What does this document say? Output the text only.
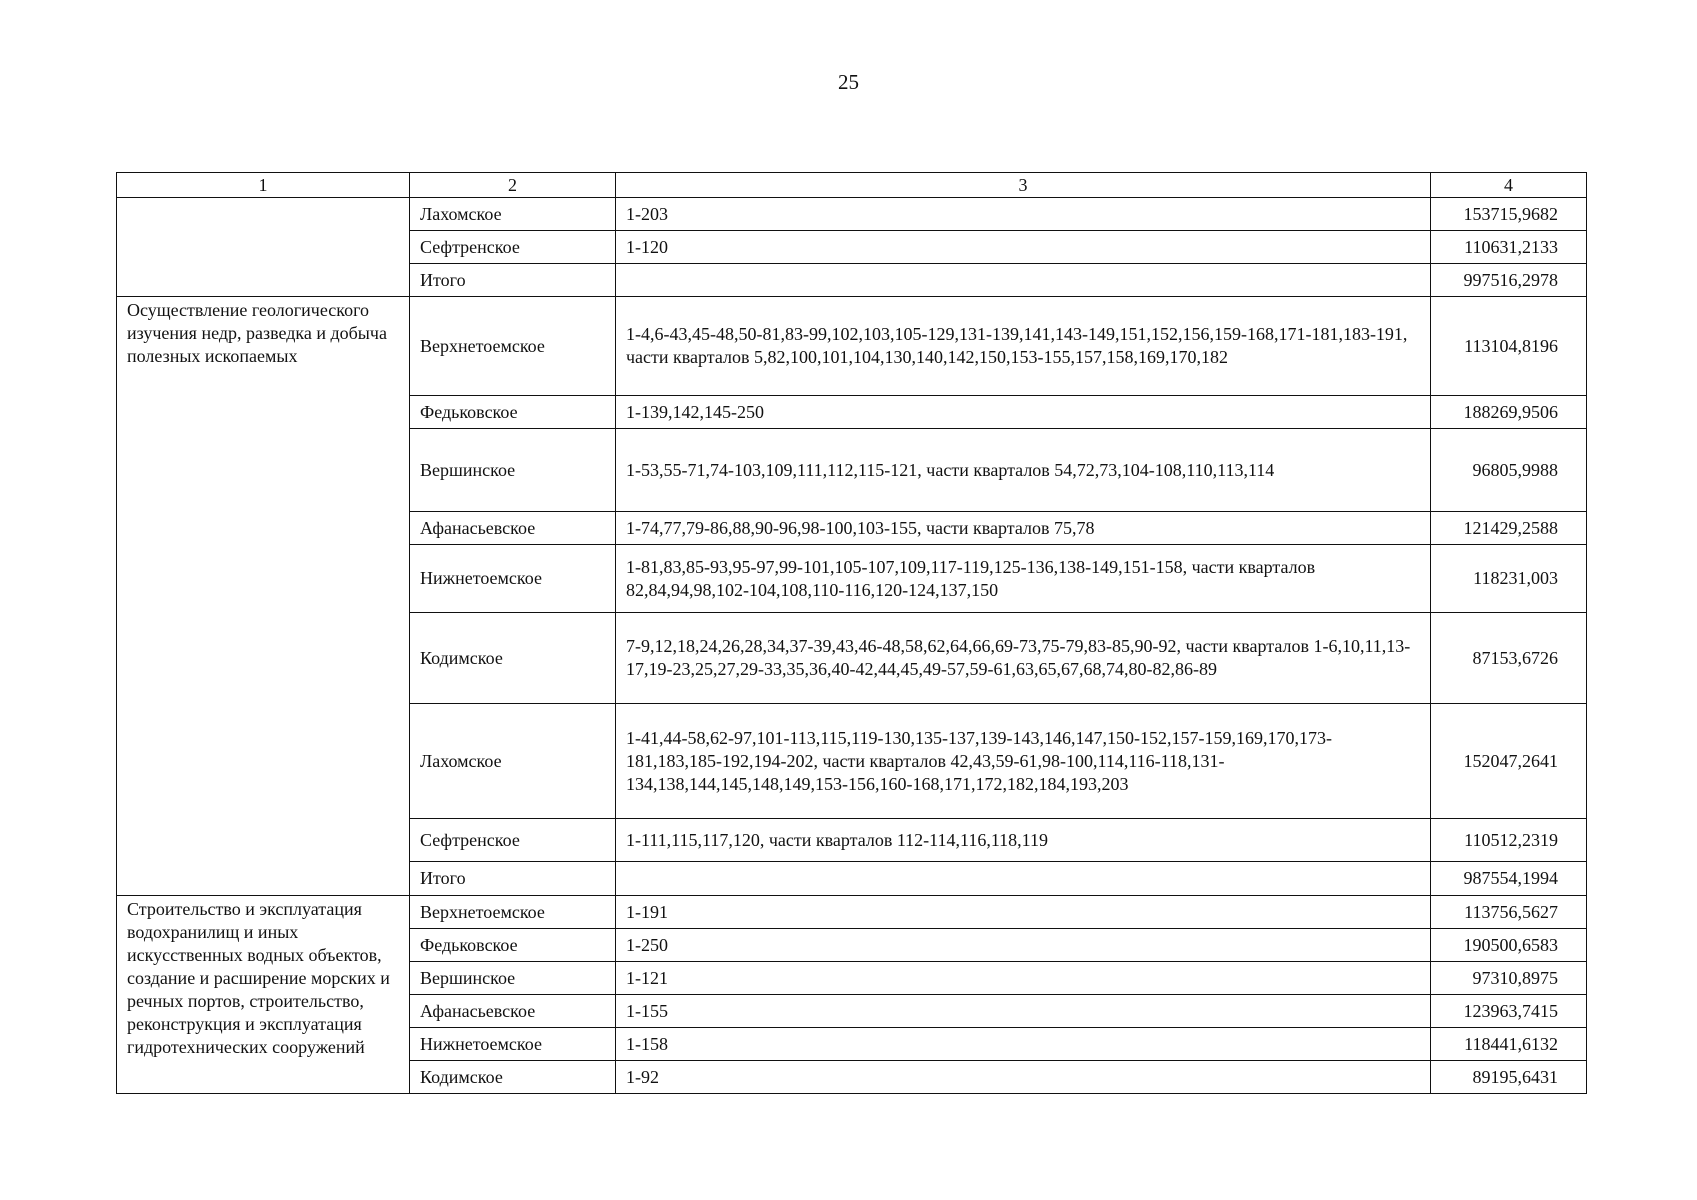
25
1	2	3	4
	Лахомское	1-203	153715,9682
	Сефтренское	1-120	110631,2133
	Итого		997516,2978
Осуществление геологического изучения недр, разведка и добыча полезных ископаемых	Верхнетоемское	1-4,6-43,45-48,50-81,83-99,102,103,105-129,131-139,141,143-149,151,152,156,159-168,171-181,183-191, части кварталов 5,82,100,101,104,130,140,142,150,153-155,157,158,169,170,182	113104,8196
	Федьковское	1-139,142,145-250	188269,9506
	Вершинское	1-53,55-71,74-103,109,111,112,115-121, части кварталов 54,72,73,104-108,110,113,114	96805,9988
	Афанасьевское	1-74,77,79-86,88,90-96,98-100,103-155, части кварталов 75,78	121429,2588
	Нижнетоемское	1-81,83,85-93,95-97,99-101,105-107,109,117-119,125-136,138-149,151-158, части кварталов 82,84,94,98,102-104,108,110-116,120-124,137,150	118231,003
	Кодимское	7-9,12,18,24,26,28,34,37-39,43,46-48,58,62,64,66,69-73,75-79,83-85,90-92, части кварталов 1-6,10,11,13-17,19-23,25,27,29-33,35,36,40-42,44,45,49-57,59-61,63,65,67,68,74,80-82,86-89	87153,6726
	Лахомское	1-41,44-58,62-97,101-113,115,119-130,135-137,139-143,146,147,150-152,157-159,169,170,173-181,183,185-192,194-202, части кварталов 42,43,59-61,98-100,114,116-118,131-134,138,144,145,148,149,153-156,160-168,171,172,182,184,193,203	152047,2641
	Сефтренское	1-111,115,117,120, части кварталов 112-114,116,118,119	110512,2319
	Итого		987554,1994
Строительство и эксплуатация водохранилищ и иных искусственных водных объектов, создание и расширение морских и речных портов, строительство, реконструкция и эксплуатация гидротехнических сооружений	Верхнетоемское	1-191	113756,5627
	Федьковское	1-250	190500,6583
	Вершинское	1-121	97310,8975
	Афанасьевское	1-155	123963,7415
	Нижнетоемское	1-158	118441,6132
	Кодимское	1-92	89195,6431
